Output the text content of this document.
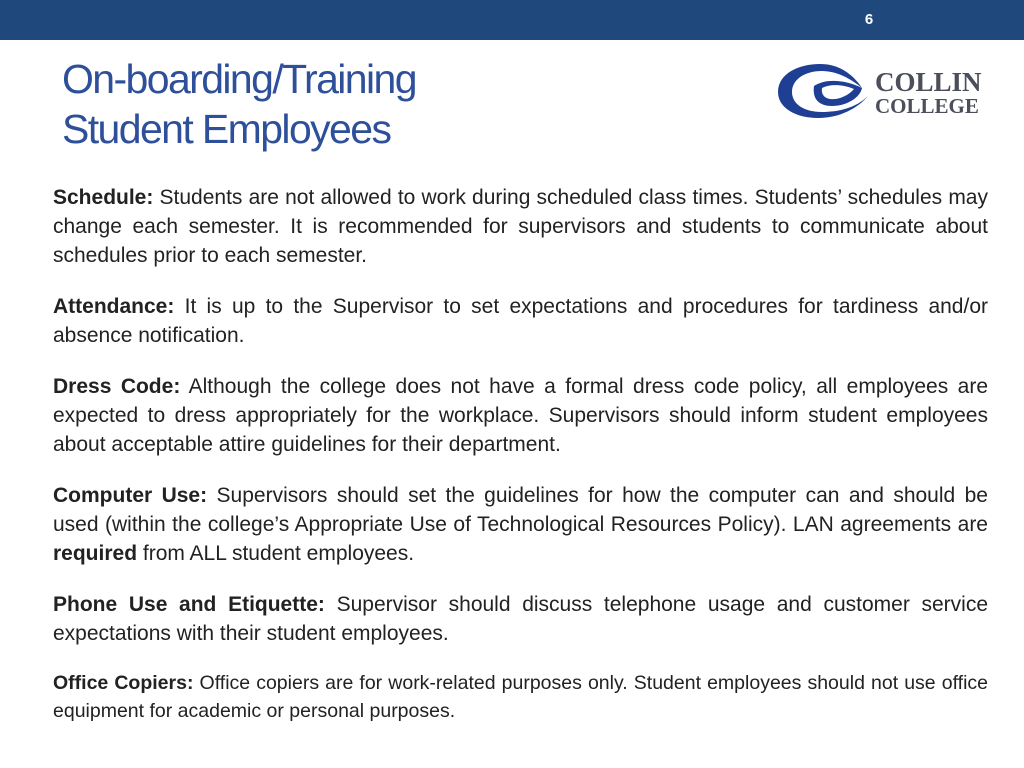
6
On-boarding/Training
Student Employees
COLLIN
COLLEGE

Schedule: Students are not allowed to work during scheduled class times. Students’ schedules may change each semester. It is recommended for supervisors and students to communicate about schedules prior to each semester.

Attendance: It is up to the Supervisor to set expectations and procedures for tardiness and/or absence notification.

Dress Code: Although the college does not have a formal dress code policy, all employees are expected to dress appropriately for the workplace. Supervisors should inform student employees about acceptable attire guidelines for their department.

Computer Use: Supervisors should set the guidelines for how the computer can and should be used (within the college’s Appropriate Use of Technological Resources Policy). LAN agreements are required from ALL student employees.

Phone Use and Etiquette: Supervisor should discuss telephone usage and customer service expectations with their student employees.

Office Copiers: Office copiers are for work-related purposes only. Student employees should not use office equipment for academic or personal purposes.
